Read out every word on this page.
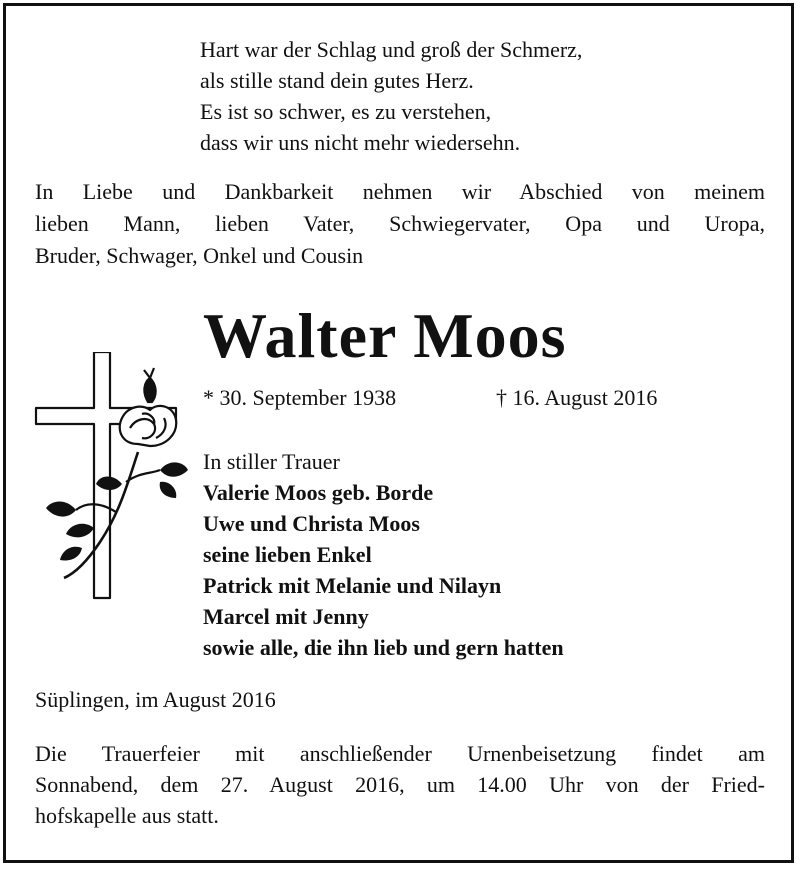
Hart war der Schlag und groß der Schmerz,
als stille stand dein gutes Herz.
Es ist so schwer, es zu verstehen,
dass wir uns nicht mehr wiedersehn.
In Liebe und Dankbarkeit nehmen wir Abschied von meinem
lieben Mann, lieben Vater, Schwiegervater, Opa und Uropa,
Bruder, Schwager, Onkel und Cousin
Walter Moos
* 30. September 1938	† 16. August 2016
In stiller Trauer
Valerie Moos geb. Borde
Uwe und Christa Moos
seine lieben Enkel
Patrick mit Melanie und Nilayn
Marcel mit Jenny
sowie alle, die ihn lieb und gern hatten
Süplingen, im August 2016
Die Trauerfeier mit anschließender Urnenbeisetzung findet am
Sonnabend, dem 27. August 2016, um 14.00 Uhr von der Fried-
hofskapelle aus statt.
